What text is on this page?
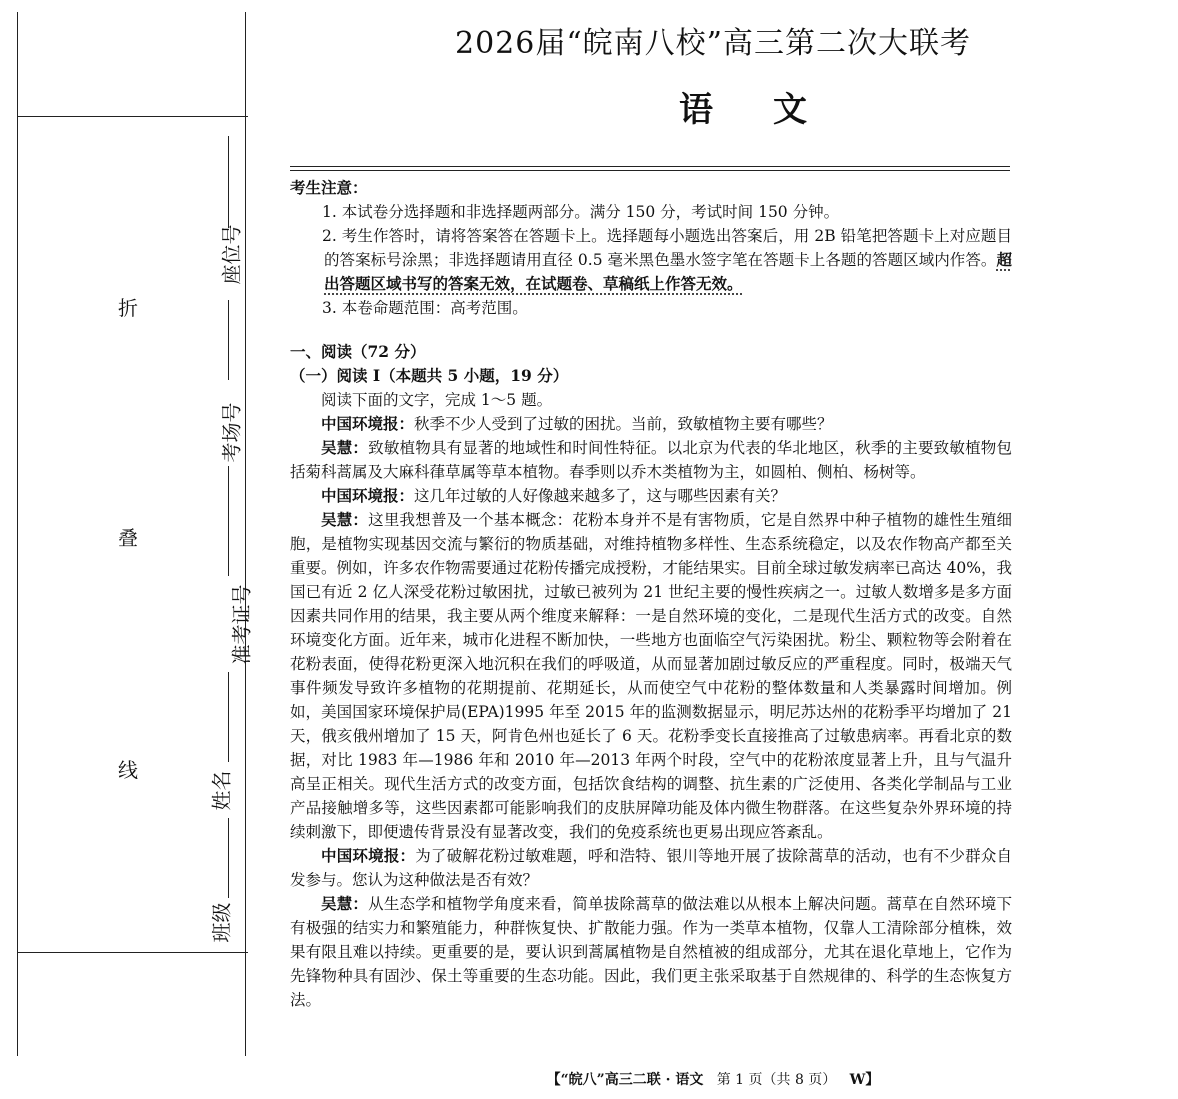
折
叠
线
座位号
考场号
准考证号
姓名
班级
2026届“皖南八校”高三第二次大联考
语文

考生注意：

1. 本试卷分选择题和非选择题两部分。满分 150 分，考试时间 150 分钟。

2. 考生作答时，请将答案答在答题卡上。选择题每小题选出答案后，用 2B 铅笔把答题卡上对应题目的答案标号涂黑；非选择题请用直径 0.5 毫米黑色墨水签字笔在答题卡上各题的答题区域内作答。超出答题区域书写的答案无效，在试题卷、草稿纸上作答无效。

3. 本卷命题范围：高考范围。

一、阅读（72 分）

（一）阅读 Ⅰ（本题共 5 小题，19 分）

阅读下面的文字，完成 1～5 题。

中国环境报：秋季不少人受到了过敏的困扰。当前，致敏植物主要有哪些？

吴慧：致敏植物具有显著的地域性和时间性特征。以北京为代表的华北地区，秋季的主要致敏植物包括菊科蒿属及大麻科葎草属等草本植物。春季则以乔木类植物为主，如圆柏、侧柏、杨树等。

中国环境报：这几年过敏的人好像越来越多了，这与哪些因素有关？

吴慧：这里我想普及一个基本概念：花粉本身并不是有害物质，它是自然界中种子植物的雄性生殖细胞，是植物实现基因交流与繁衍的物质基础，对维持植物多样性、生态系统稳定，以及农作物高产都至关重要。例如，许多农作物需要通过花粉传播完成授粉，才能结果实。目前全球过敏发病率已高达 40%，我国已有近 2 亿人深受花粉过敏困扰，过敏已被列为 21 世纪主要的慢性疾病之一。过敏人数增多是多方面因素共同作用的结果，我主要从两个维度来解释：一是自然环境的变化，二是现代生活方式的改变。自然环境变化方面。近年来，城市化进程不断加快，一些地方也面临空气污染困扰。粉尘、颗粒物等会附着在花粉表面，使得花粉更深入地沉积在我们的呼吸道，从而显著加剧过敏反应的严重程度。同时，极端天气事件频发导致许多植物的花期提前、花期延长，从而使空气中花粉的整体数量和人类暴露时间增加。例如，美国国家环境保护局(EPA)1995 年至 2015 年的监测数据显示，明尼苏达州的花粉季平均增加了 21 天，俄亥俄州增加了 15 天，阿肯色州也延长了 6 天。花粉季变长直接推高了过敏患病率。再看北京的数据，对比 1983 年—1986 年和 2010 年—2013 年两个时段，空气中的花粉浓度显著上升，且与气温升高呈正相关。现代生活方式的改变方面，包括饮食结构的调整、抗生素的广泛使用、各类化学制品与工业产品接触增多等，这些因素都可能影响我们的皮肤屏障功能及体内微生物群落。在这些复杂外界环境的持续刺激下，即便遗传背景没有显著改变，我们的免疫系统也更易出现应答紊乱。

中国环境报：为了破解花粉过敏难题，呼和浩特、银川等地开展了拔除蒿草的活动，也有不少群众自发参与。您认为这种做法是否有效？

吴慧：从生态学和植物学角度来看，简单拔除蒿草的做法难以从根本上解决问题。蒿草在自然环境下有极强的结实力和繁殖能力，种群恢复快、扩散能力强。作为一类草本植物，仅靠人工清除部分植株，效果有限且难以持续。更重要的是，要认识到蒿属植物是自然植被的组成部分，尤其在退化草地上，它作为先锋物种具有固沙、保土等重要的生态功能。因此，我们更主张采取基于自然规律的、科学的生态恢复方法。

【“皖八”高三二联 · 语文 第 1 页（共 8 页） W】
